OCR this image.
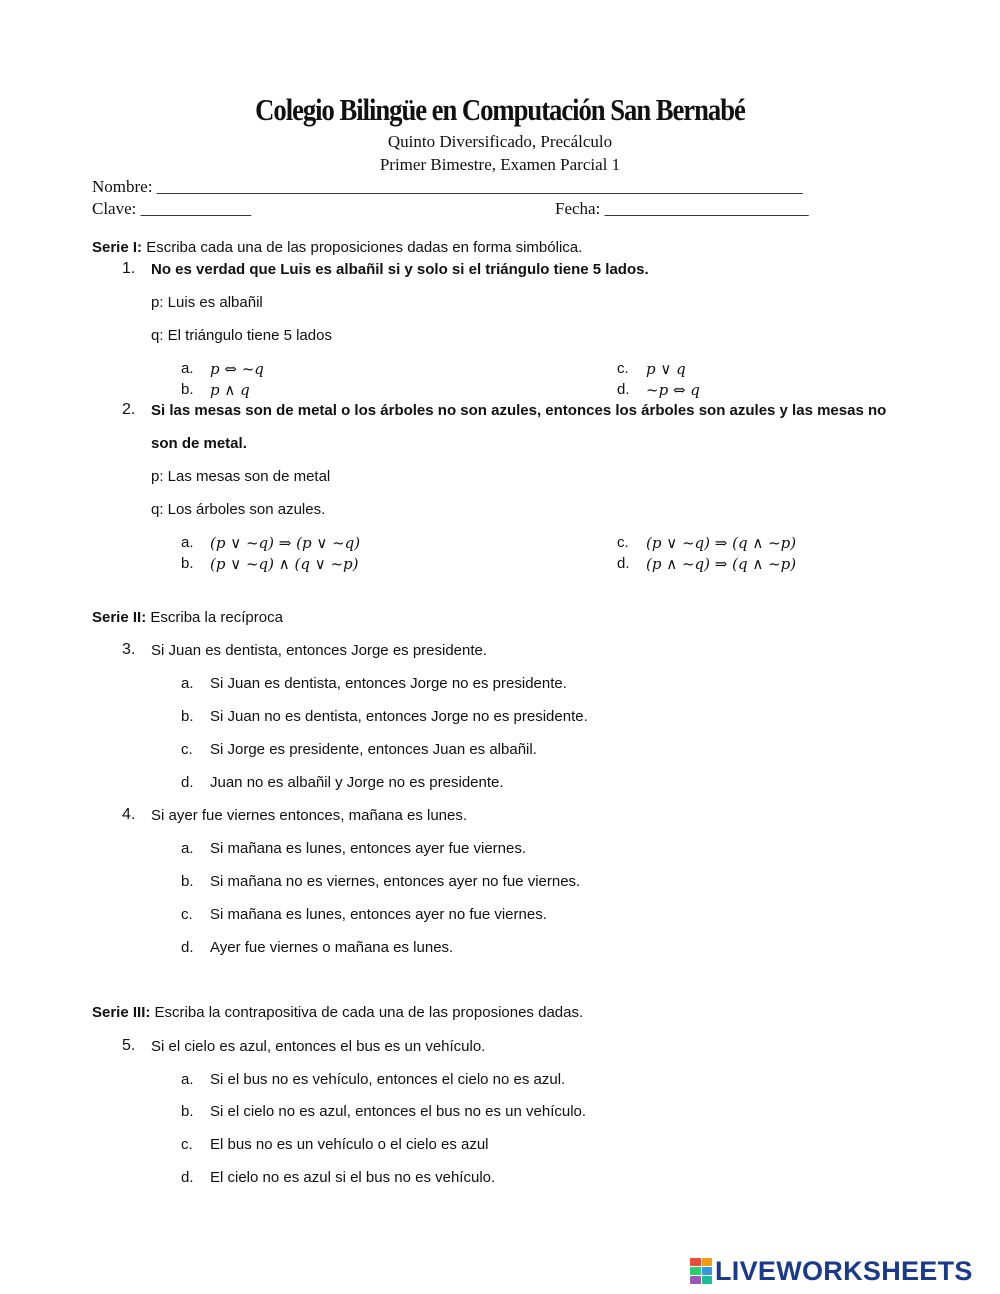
Colegio Bilingüe en Computación San Bernabé
Quinto Diversificado, Precálculo
Primer Bimestre, Examen Parcial 1
Nombre: ____________________________________________________________________________
Clave: _____________	Fecha: ________________________
Serie I: Escriba cada una de las proposiciones dadas en forma simbólica.
1. No es verdad que Luis es albañil si y solo si el triángulo tiene 5 lados.
p: Luis es albañil
q: El triángulo tiene 5 lados
a. p ⇔ ~q
b. p ∧ q
c. p ∨ q
d. ~p ⇔ q
2. Si las mesas son de metal o los árboles no son azules, entonces los árboles son azules y las mesas no
son de metal.
p: Las mesas son de metal
q: Los árboles son azules.
a. (p ∨ ~q) ⇒ (p ∨ ~q)
b. (p ∨ ~q) ∧ (q ∨ ~p)
c. (p ∨ ~q) ⇒ (q ∧ ~p)
d. (p ∧ ~q) ⇒ (q ∧ ~p)
Serie II: Escriba la recíproca
3. Si Juan es dentista, entonces Jorge es presidente.
a. Si Juan es dentista, entonces Jorge no es presidente.
b. Si Juan no es dentista, entonces Jorge no es presidente.
c. Si Jorge es presidente, entonces Juan es albañil.
d. Juan no es albañil y Jorge no es presidente.
4. Si ayer fue viernes entonces, mañana es lunes.
a. Si mañana es lunes, entonces ayer fue viernes.
b. Si mañana no es viernes, entonces ayer no fue viernes.
c. Si mañana es lunes, entonces ayer no fue viernes.
d. Ayer fue viernes o mañana es lunes.
Serie III: Escriba la contrapositiva de cada una de las proposiones dadas.
5. Si el cielo es azul, entonces el bus es un vehículo.
a. Si el bus no es vehículo, entonces el cielo no es azul.
b. Si el cielo no es azul, entonces el bus no es un vehículo.
c. El bus no es un vehículo o el cielo es azul
d. El cielo no es azul si el bus no es vehículo.
LIVEWORKSHEETS
